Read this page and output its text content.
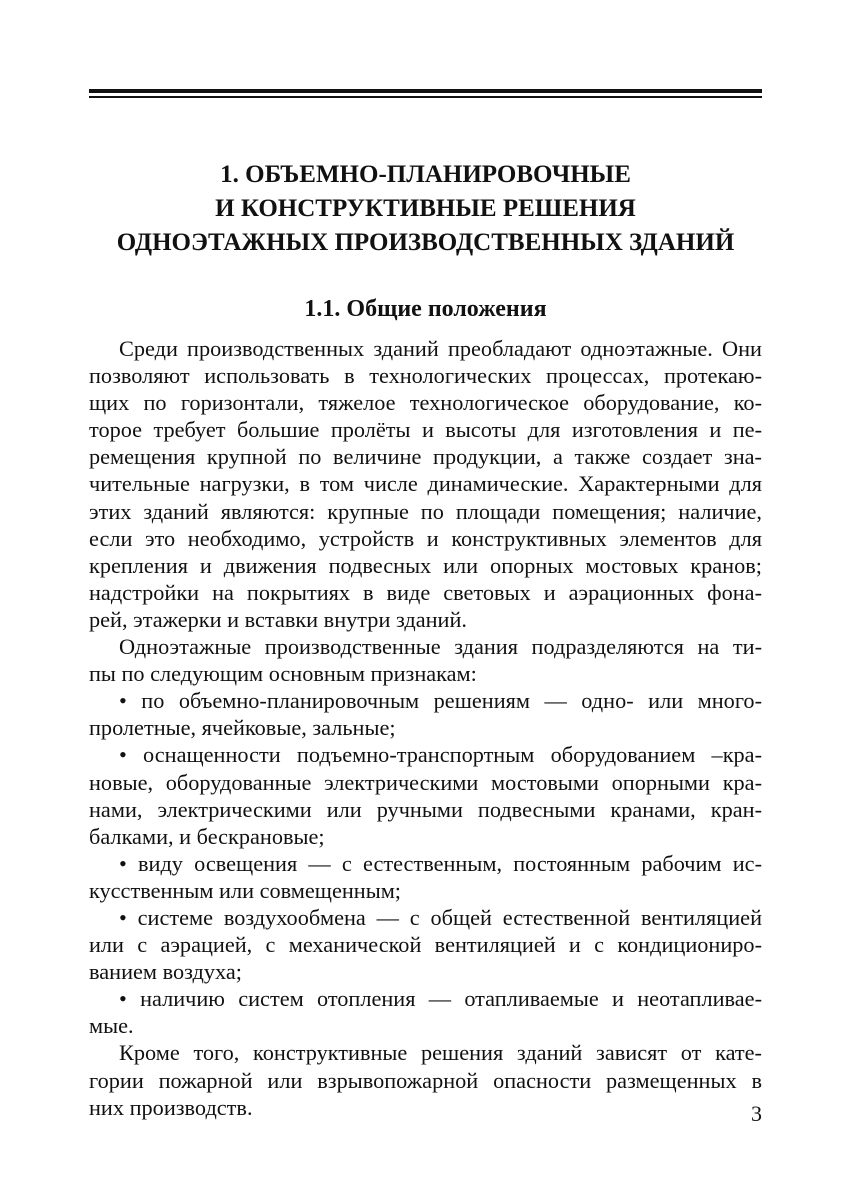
1. ОБЪЕМНО-ПЛАНИРОВОЧНЫЕ
И КОНСТРУКТИВНЫЕ РЕШЕНИЯ
ОДНОЭТАЖНЫХ ПРОИЗВОДСТВЕННЫХ ЗДАНИЙ
1.1. Общие положения
Среди производственных зданий преобладают одноэтажные. Они
позволяют использовать в технологических процессах, протекаю-
щих по горизонтали, тяжелое технологическое оборудование, ко-
торое требует большие пролёты и высоты для изготовления и пе-
ремещения крупной по величине продукции, а также создает зна-
чительные нагрузки, в том числе динамические. Характерными для
этих зданий являются: крупные по площади помещения; наличие,
если это необходимо, устройств и конструктивных элементов для
крепления и движения подвесных или опорных мостовых кранов;
надстройки на покрытиях в виде световых и аэрационных фона-
рей, этажерки и вставки внутри зданий.
Одноэтажные производственные здания подразделяются на ти-
пы по следующим основным признакам:
• по объемно-планировочным решениям — одно- или много-
пролетные, ячейковые, зальные;
• оснащенности подъемно-транспортным оборудованием –кра-
новые, оборудованные электрическими мостовыми опорными кра-
нами, электрическими или ручными подвесными кранами, кран-
балками, и бескрановые;
• виду освещения — с естественным, постоянным рабочим ис-
кусственным или совмещенным;
• системе воздухообмена — с общей естественной вентиляцией
или с аэрацией, с механической вентиляцией и с кондициониро-
ванием воздуха;
• наличию систем отопления — отапливаемые и неотапливае-
мые.
Кроме того, конструктивные решения зданий зависят от кате-
гории пожарной или взрывопожарной опасности размещенных в
них производств.	3
